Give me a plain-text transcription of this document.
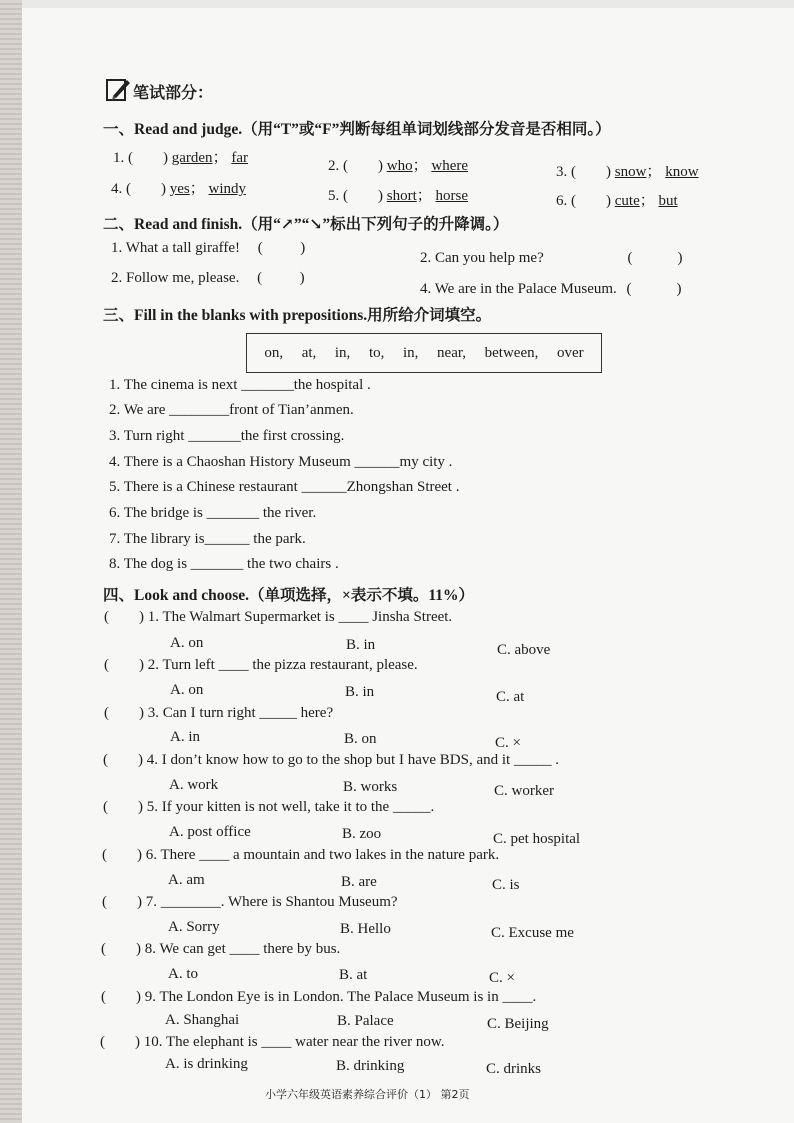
笔试部分：
一、Read and judge.（用“T”或“F”判断每组单词划线部分发音是否相同。）
1. (        ) garden； far	2. (        ) who； where	3. (        ) snow； know
4. (        ) yes； windy	5. (        ) short； horse	6. (        ) cute； but
二、Read and finish.（用“↗”“↘”标出下列句子的升降调。）
1. What a tall giraffe! (          )
2. Can you help me?	(            )
2. Follow me, please. (          )
4. We are in the Palace Museum. (            )
三、Fill in the blanks with prepositions.用所给介词填空。
on, at, in, to, in, near, between, over
1. The cinema is next _______the hospital .
2. We are ________front of Tian’anmen.
3. Turn right _______the first crossing.
4. There is a Chaoshan History Museum ______my city .
5. There is a Chinese restaurant ______Zhongshan Street .
6. The bridge is _______ the river.
7. The library is______ the park.
8. The dog is _______ the two chairs .
四、Look and choose.（单项选择，×表示不填。11%）
(        ) 1. The Walmart Supermarket is ____ Jinsha Street.
A. on	B. in	C. above
(        ) 2. Turn left ____ the pizza restaurant, please.
A. on	B. in	C. at
(        ) 3. Can I turn right _____ here?
A. in	B. on	C. ×
(        ) 4. I don’t know how to go to the shop but I have BDS, and it _____ .
A. work	B. works	C. worker
(        ) 5. If your kitten is not well, take it to the _____.
A. post office	B. zoo	C. pet hospital
(        ) 6. There ____ a mountain and two lakes in the nature park.
A. am	B. are	C. is
(        ) 7. ________. Where is Shantou Museum?
A. Sorry	B. Hello	C. Excuse me
(        ) 8. We can get ____ there by bus.
A. to	B. at	C. ×
(        ) 9. The London Eye is in London. The Palace Museum is in ____.
A. Shanghai	B. Palace	C. Beijing
(        ) 10. The elephant is ____ water near the river now.
A. is drinking	B. drinking	C. drinks
小学六年级英语素养综合评价（1） 第2页
